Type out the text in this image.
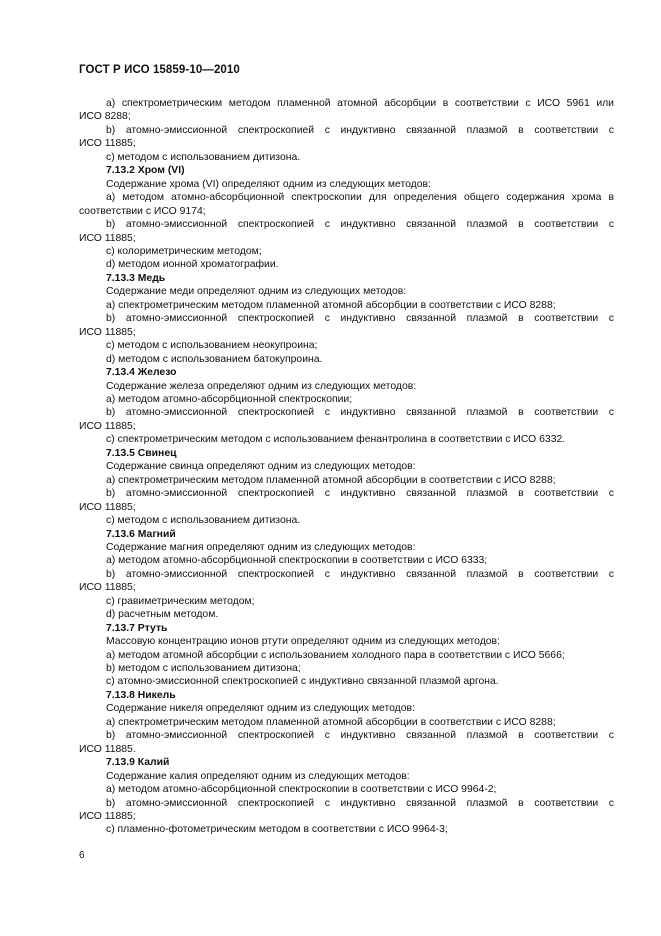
ГОСТ Р ИСО 15859-10—2010

a) спектрометрическим методом пламенной атомной абсорбции в соответствии с ИСО 5961 или

ИСО 8288;

b) атомно-эмиссионной спектроскопией с индуктивно связанной плазмой в соответствии с

ИСО 11885;

c) методом с использованием дитизона.

7.13.2 Хром (VI)

Содержание хрома (VI) определяют одним из следующих методов:

a) методом атомно-абсорбционной спектроскопии для определения общего содержания хрома в

соответствии с ИСО 9174;

b) атомно-эмиссионной спектроскопией с индуктивно связанной плазмой в соответствии с

ИСО 11885;

c) колориметрическим методом;

d) методом ионной хроматографии.

7.13.3 Медь

Содержание меди определяют одним из следующих методов:

a) спектрометрическим методом пламенной атомной абсорбции в соответствии с ИСО 8288;

b) атомно-эмиссионной спектроскопией с индуктивно связанной плазмой в соответствии с

ИСО 11885;

c) методом с использованием неокупроина;

d) методом с использованием батокупроина.

7.13.4 Железо

Содержание железа определяют одним из следующих методов:

a) методом атомно-абсорбционной спектроскопии;

b) атомно-эмиссионной спектроскопией с индуктивно связанной плазмой в соответствии с

ИСО 11885;

c) спектрометрическим методом с использованием фенантролина в соответствии с ИСО 6332.

7.13.5 Свинец

Содержание свинца определяют одним из следующих методов:

a) спектрометрическим методом пламенной атомной абсорбции в соответствии с ИСО 8288;

b) атомно-эмиссионной спектроскопией с индуктивно связанной плазмой в соответствии с

ИСО 11885;

c) методом с использованием дитизона.

7.13.6 Магний

Содержание магния определяют одним из следующих методов:

a) методом атомно-абсорбционной спектроскопии в соответствии с ИСО 6333;

b) атомно-эмиссионной спектроскопией с индуктивно связанной плазмой в соответствии с

ИСО 11885;

c) гравиметрическим методом;

d) расчетным методом.

7.13.7 Ртуть

Массовую концентрацию ионов ртути определяют одним из следующих методов:

a) методом атомной абсорбции с использованием холодного пара в соответствии с ИСО 5666;

b) методом с использованием дитизона;

c) атомно-эмиссионной спектроскопией с индуктивно связанной плазмой аргона.

7.13.8 Никель

Содержание никеля определяют одним из следующих методов:

a) спектрометрическим методом пламенной атомной абсорбции в соответствии с ИСО 8288;

b) атомно-эмиссионной спектроскопией с индуктивно связанной плазмой в соответствии с

ИСО 11885.

7.13.9 Калий

Содержание калия определяют одним из следующих методов:

a) методом атомно-абсорбционной спектроскопии в соответствии с ИСО 9964-2;

b) атомно-эмиссионной спектроскопией с индуктивно связанной плазмой в соответствии с

ИСО 11885;

c) пламенно-фотометрическим методом в соответствии с ИСО 9964-3;

6
